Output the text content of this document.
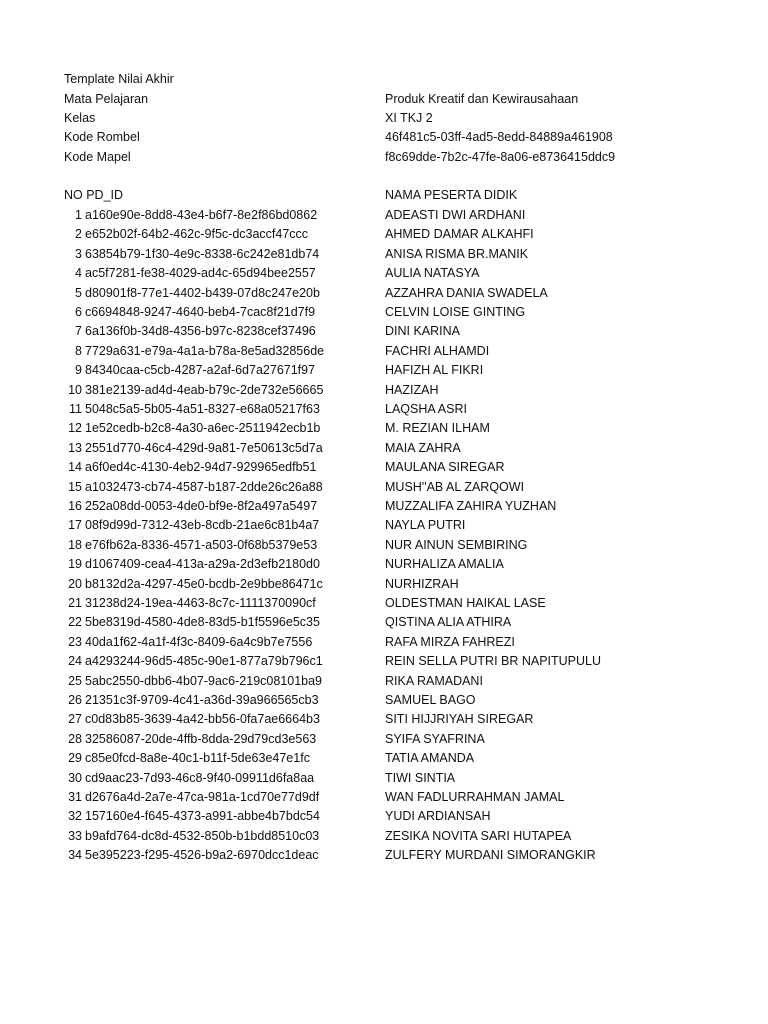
Template Nilai Akhir
Mata Pelajaran	Produk Kreatif dan Kewirausahaan
Kelas	XI TKJ 2
Kode Rombel	46f481c5-03ff-4ad5-8edd-84889a461908
Kode Mapel	f8c69dde-7b2c-47fe-8a06-e8736415ddc9
NO PD_ID	NAMA PESERTA DIDIK
1 a160e90e-8dd8-43e4-b6f7-8e2f86bd0862	ADEASTI DWI ARDHANI
2 e652b02f-64b2-462c-9f5c-dc3accf47ccc	AHMED DAMAR ALKAHFI
3 63854b79-1f30-4e9c-8338-6c242e81db74	ANISA RISMA BR.MANIK
4 ac5f7281-fe38-4029-ad4c-65d94bee2557	AULIA NATASYA
5 d80901f8-77e1-4402-b439-07d8c247e20b	AZZAHRA DANIA SWADELA
6 c6694848-9247-4640-beb4-7cac8f21d7f9	CELVIN LOISE GINTING
7 6a136f0b-34d8-4356-b97c-8238cef37496	DINI KARINA
8 7729a631-e79a-4a1a-b78a-8e5ad32856de	FACHRI ALHAMDI
9 84340caa-c5cb-4287-a2af-6d7a27671f97	HAFIZH AL FIKRI
10 381e2139-ad4d-4eab-b79c-2de732e56665	HAZIZAH
11 5048c5a5-5b05-4a51-8327-e68a05217f63	LAQSHA ASRI
12 1e52cedb-b2c8-4a30-a6ec-2511942ecb1b	M. REZIAN ILHAM
13 2551d770-46c4-429d-9a81-7e50613c5d7a	MAIA ZAHRA
14 a6f0ed4c-4130-4eb2-94d7-929965edfb51	MAULANA SIREGAR
15 a1032473-cb74-4587-b187-2dde26c26a88	MUSH''AB AL ZARQOWI
16 252a08dd-0053-4de0-bf9e-8f2a497a5497	MUZZALIFA ZAHIRA YUZHAN
17 08f9d99d-7312-43eb-8cdb-21ae6c81b4a7	NAYLA PUTRI
18 e76fb62a-8336-4571-a503-0f68b5379e53	NUR AINUN SEMBIRING
19 d1067409-cea4-413a-a29a-2d3efb2180d0	NURHALIZA AMALIA
20 b8132d2a-4297-45e0-bcdb-2e9bbe86471c	NURHIZRAH
21 31238d24-19ea-4463-8c7c-1111370090cf	OLDESTMAN HAIKAL LASE
22 5be8319d-4580-4de8-83d5-b1f5596e5c35	QISTINA ALIA ATHIRA
23 40da1f62-4a1f-4f3c-8409-6a4c9b7e7556	RAFA MIRZA FAHREZI
24 a4293244-96d5-485c-90e1-877a79b796c1	REIN SELLA PUTRI BR NAPITUPULU
25 5abc2550-dbb6-4b07-9ac6-219c08101ba9	RIKA RAMADANI
26 21351c3f-9709-4c41-a36d-39a966565cb3	SAMUEL BAGO
27 c0d83b85-3639-4a42-bb56-0fa7ae6664b3	SITI HIJJRIYAH SIREGAR
28 32586087-20de-4ffb-8dda-29d79cd3e563	SYIFA SYAFRINA
29 c85e0fcd-8a8e-40c1-b11f-5de63e47e1fc	TATIA AMANDA
30 cd9aac23-7d93-46c8-9f40-09911d6fa8aa	TIWI SINTIA
31 d2676a4d-2a7e-47ca-981a-1cd70e77d9df	WAN FADLURRAHMAN JAMAL
32 157160e4-f645-4373-a991-abbe4b7bdc54	YUDI ARDIANSAH
33 b9afd764-dc8d-4532-850b-b1bdd8510c03	ZESIKA NOVITA SARI HUTAPEA
34 5e395223-f295-4526-b9a2-6970dcc1deac	ZULFERY MURDANI SIMORANGKIR
